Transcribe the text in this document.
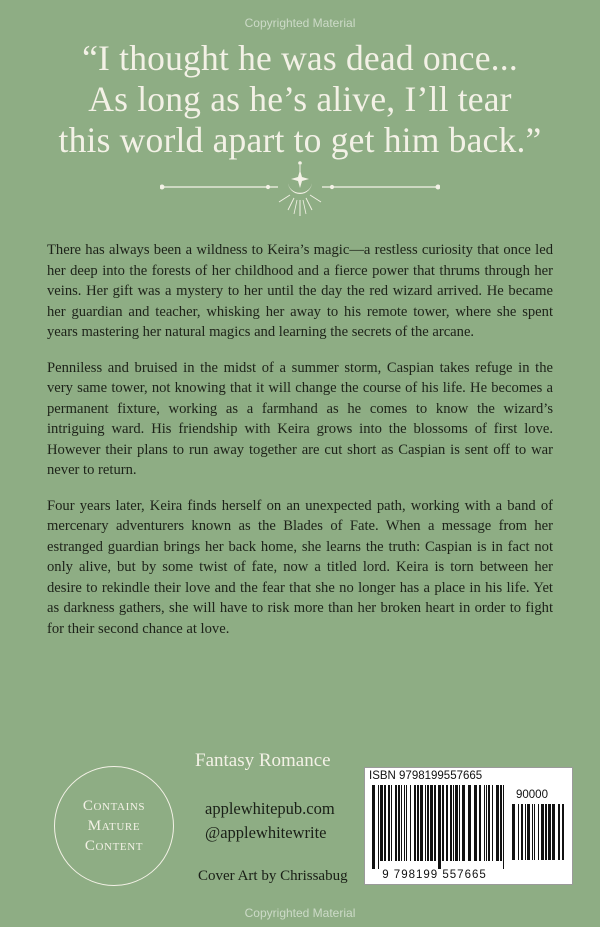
Copyrighted Material
“I thought he was dead once...
As long as he’s alive, I’ll tear
this world apart to get him back.”

There has always been a wildness to Keira’s magic—a restless curiosity that once led her deep into the forests of her childhood and a fierce power that thrums through her veins. Her gift was a mystery to her until the day the red wizard arrived. He became her guardian and teacher, whisking her away to his remote tower, where she spent years mastering her natural magics and learning the secrets of the arcane.

Penniless and bruised in the midst of a summer storm, Caspian takes refuge in the very same tower, not knowing that it will change the course of his life. He becomes a permanent fixture, working as a farmhand as he comes to know the wizard’s intriguing ward. His friendship with Keira grows into the blossoms of first love. However their plans to run away together are cut short as Caspian is sent off to war never to return.

Four years later, Keira finds herself on an unexpected path, working with a band of mercenary adventurers known as the Blades of Fate. When a message from her estranged guardian brings her back home, she learns the truth: Caspian is in fact not only alive, but by some twist of fate, now a titled lord. Keira is torn between her desire to rekindle their love and the fear that she no longer has a place in his life. Yet as darkness gathers, she will have to risk more than her broken heart in order to fight for their second chance at love.

Fantasy Romance
Contains
Mature
Content
applewhitepub.com
@applewhitewrite
Cover Art by Chrissabug
ISBN 9798199557665
90000
9 798199 557665
Copyrighted Material
